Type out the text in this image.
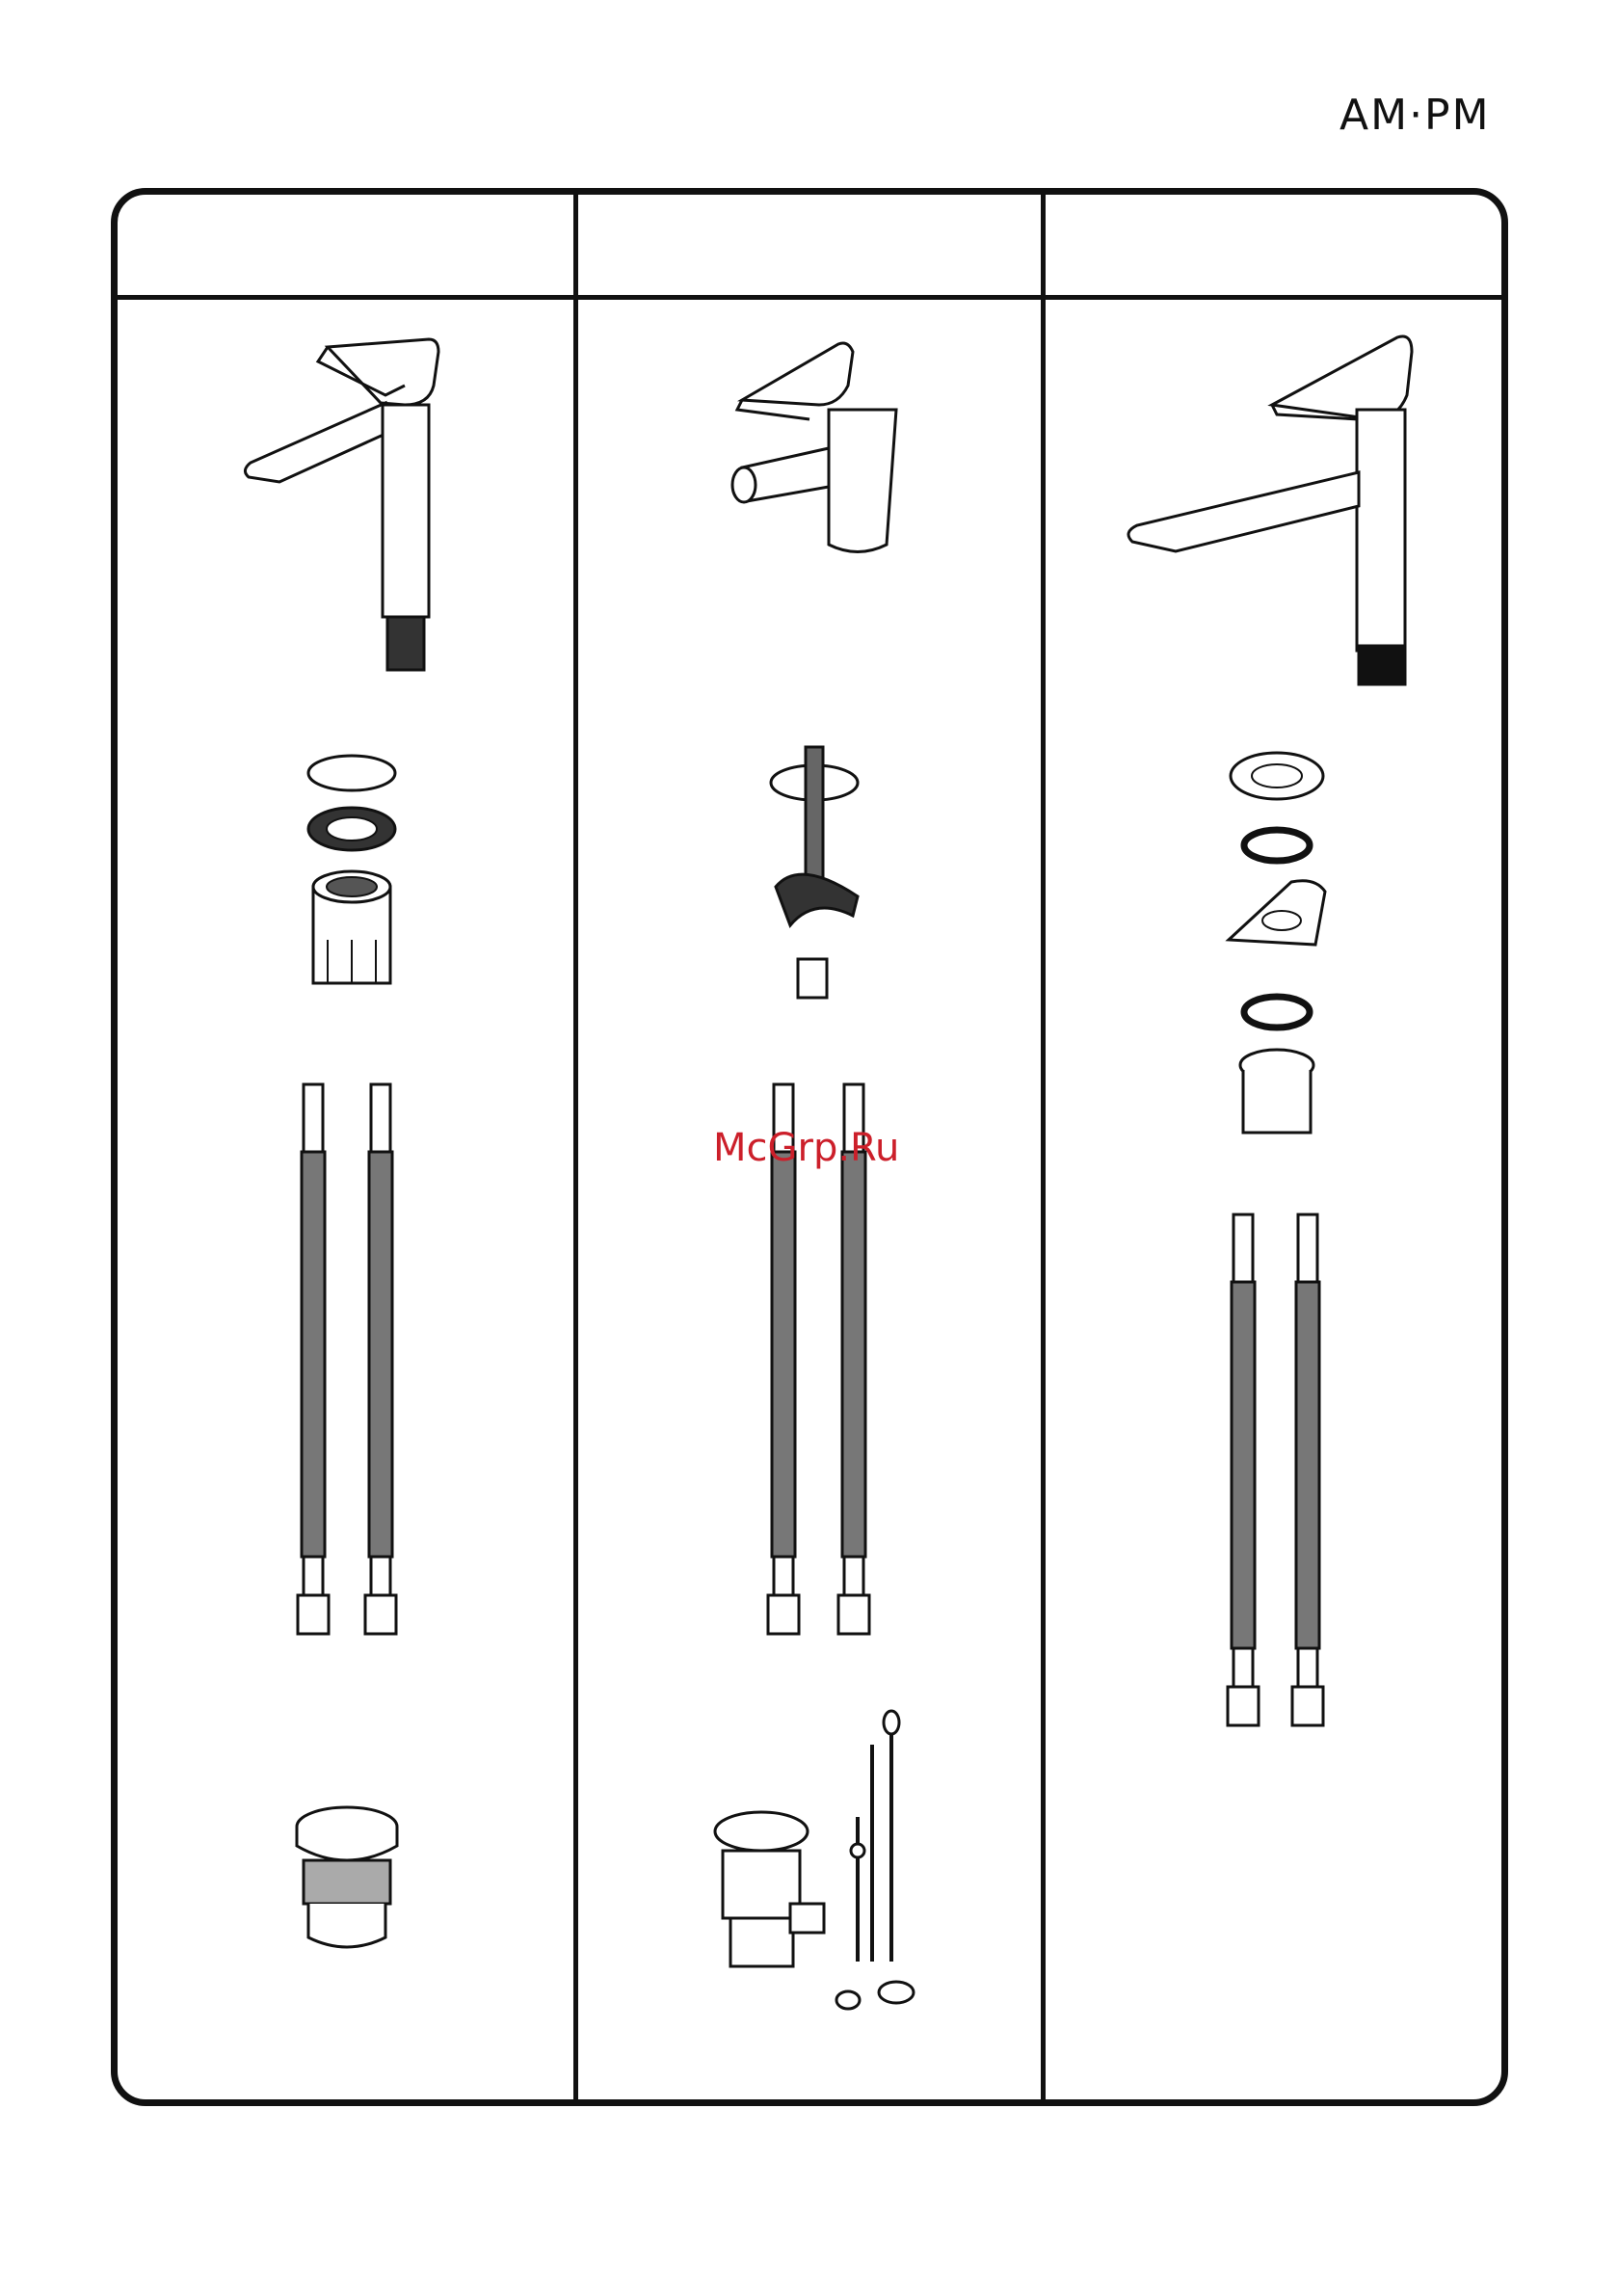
AM·PM
McGrp.Ru
